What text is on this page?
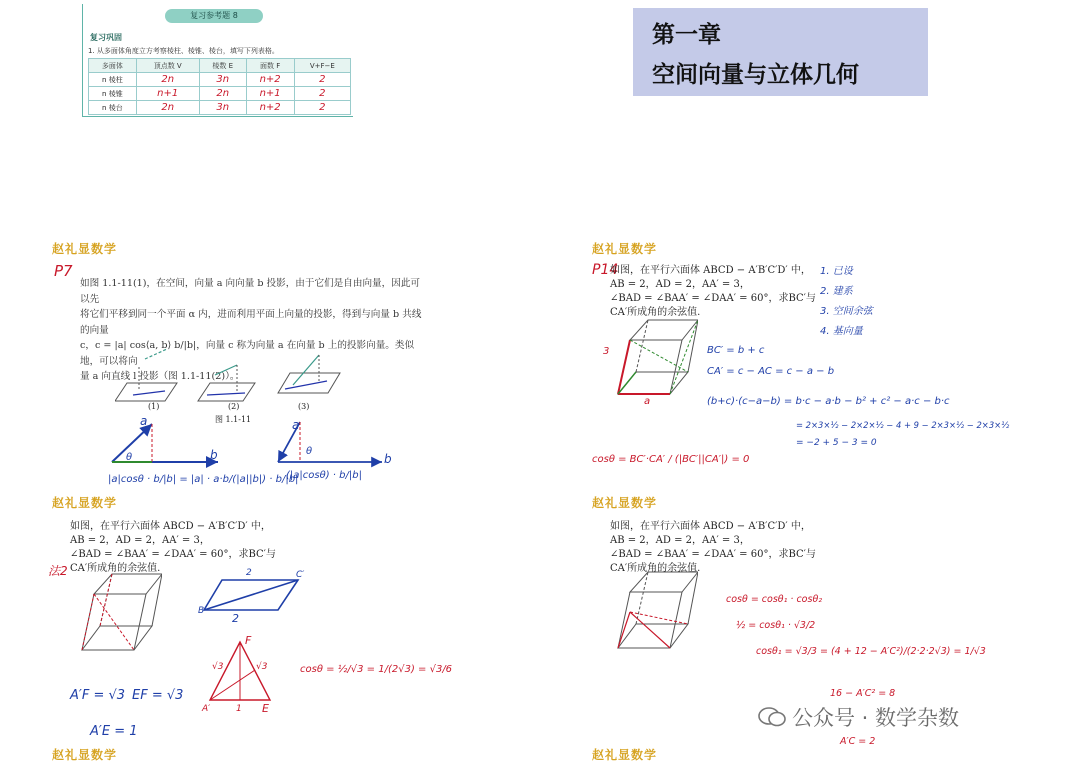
复习参考题 8
复习巩固
1. 从多面体角度立方考察棱柱、棱锥、棱台，填写下列表格。
多面体	顶点数 V	棱数 E	面数 F	V+F−E
n 棱柱	2n	3n	n+2	2
n 棱锥	n+1	2n	n+1	2
n 棱台	2n	3n	n+2	2
第一章
空间向量与立体几何
赵礼显数学	赵礼显数学
赵礼显数学	赵礼显数学
赵礼显数学	赵礼显数学
P7
如图 1.1-11(1)，在空间，向量 a 向向量 b 投影，由于它们是自由向量，因此可以先
将它们平移到同一个平面 α 内，进而利用平面上向量的投影，得到与向量 b 共线的向量
c，c = |a| cos⟨a, b⟩ b/|b|，向量 c 称为向量 a 在向量 b 上的投影向量。类似地，可以将向
量 a 向直线 l 投影（图 1.1-11(2)）。
(1)	(2)	(3)
图 1.1-11
a
b
a
b
θ
θ
|a|cosθ · b/|b| = |a| · a·b/(|a||b|) · b/|b|
(|a|cosθ) · b/|b|
P14
如图，在平行六面体 ABCD − A′B′C′D′ 中，
AB = 2，AD = 2，AA′ = 3，
∠BAD = ∠BAA′ = ∠DAA′ = 60°，求BC′与
CA′所成角的余弦值.
1. 已设
2. 建系
3. 空间余弦
4. 基向量
3
a
BC′ = b + c
CA′ = c − AC = c − a − b
(b+c)·(c−a−b) = b·c − a·b − b² + c² − a·c − b·c
= 2×3×½ − 2×2×½ − 4 + 9 − 2×3×½ − 2×3×½
= −2 + 5 − 3 = 0
cosθ = BC′·CA′ / (|BC′||CA′|) = 0
如图，在平行六面体 ABCD − A′B′C′D′ 中，
AB = 2，AD = 2，AA′ = 3，
∠BAD = ∠BAA′ = ∠DAA′ = 60°，求BC′与
CA′所成角的余弦值.
法2	C′
B
2
2
F
√3	√3
A′	1 E
cosθ = ½/√3 = 1/(2√3) = √3/6
A′F = √3 EF = √3
A′E = 1
如图，在平行六面体 ABCD − A′B′C′D′ 中，
AB = 2，AD = 2，AA′ = 3，
∠BAD = ∠BAA′ = ∠DAA′ = 60°，求BC′与
CA′所成角的余弦值.
cosθ = cosθ₁ · cosθ₂
½ = cosθ₁ · √3/2
cosθ₁ = √3/3 = (4 + 12 − A′C²)/(2·2·2√3) = 1/√3
16 − A′C² = 8
A′C = 2
公众号 · 数学杂数
